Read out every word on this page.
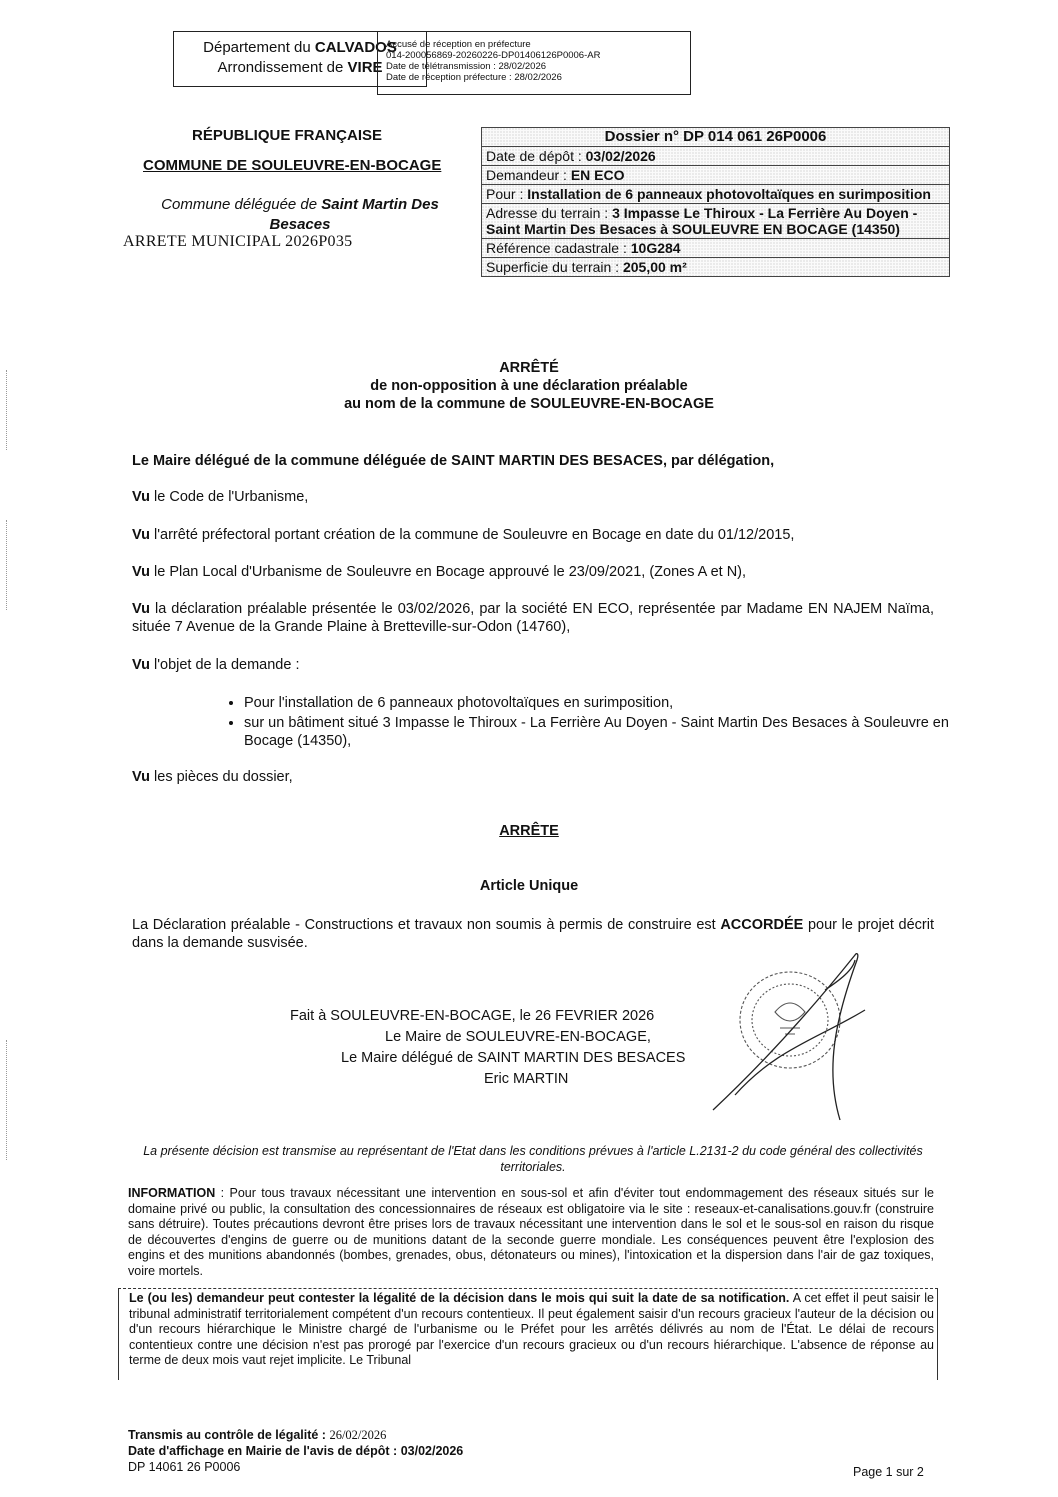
Département du CALVADOS
Arrondissement de VIRE
Accusé de réception en préfecture
014-200056869-20260226-DP01406126P0006-AR
Date de télétransmission : 28/02/2026
Date de réception préfecture : 28/02/2026
RÉPUBLIQUE FRANÇAISE
COMMUNE DE SOULEUVRE-EN-BOCAGE
Commune déléguée de Saint Martin Des Besaces
ARRETE MUNICIPAL 2026P035
Dossier n° DP 014 061 26P0006
Date de dépôt : 03/02/2026
Demandeur : EN ECO
Pour : Installation de 6 panneaux photovoltaïques en surimposition
Adresse du terrain : 3 Impasse Le Thiroux - La Ferrière Au Doyen - Saint Martin Des Besaces à SOULEUVRE EN BOCAGE (14350)
Référence cadastrale : 10G284
Superficie du terrain : 205,00 m²
ARRÊTÉ
de non-opposition à une déclaration préalable
au nom de la commune de SOULEUVRE-EN-BOCAGE
Le Maire délégué de la commune déléguée de SAINT MARTIN DES BESACES, par délégation,
Vu le Code de l'Urbanisme,
Vu l'arrêté préfectoral portant création de la commune de Souleuvre en Bocage en date du 01/12/2015,
Vu le Plan Local d'Urbanisme de Souleuvre en Bocage approuvé le 23/09/2021, (Zones A et N),
Vu la déclaration préalable présentée le 03/02/2026, par la société EN ECO, représentée par Madame EN NAJEM Naïma, située 7 Avenue de la Grande Plaine à Bretteville-sur-Odon (14760),
Vu l'objet de la demande :
• Pour l'installation de 6 panneaux photovoltaïques en surimposition,
• sur un bâtiment situé 3 Impasse le Thiroux - La Ferrière Au Doyen - Saint Martin Des Besaces à Souleuvre en Bocage (14350),
Vu les pièces du dossier,
ARRÊTE
Article Unique
La Déclaration préalable - Constructions et travaux non soumis à permis de construire est ACCORDÉE pour le projet décrit dans la demande susvisée.
Fait à SOULEUVRE-EN-BOCAGE, le 26 FEVRIER 2026
Le Maire de SOULEUVRE-EN-BOCAGE,
Le Maire délégué de SAINT MARTIN DES BESACES
Eric MARTIN
La présente décision est transmise au représentant de l'Etat dans les conditions prévues à l'article L.2131-2 du code général des collectivités territoriales.
INFORMATION : Pour tous travaux nécessitant une intervention en sous-sol et afin d'éviter tout endommagement des réseaux situés sur le domaine privé ou public, la consultation des concessionnaires de réseaux est obligatoire via le site : reseaux-et-canalisations.gouv.fr (construire sans détruire). Toutes précautions devront être prises lors de travaux nécessitant une intervention dans le sol et le sous-sol en raison du risque de découvertes d'engins de guerre ou de munitions datant de la seconde guerre mondiale. Les conséquences peuvent être l'explosion des engins et des munitions abandonnés (bombes, grenades, obus, détonateurs ou mines), l'intoxication et la dispersion dans l'air de gaz toxiques, voire mortels.
Le (ou les) demandeur peut contester la légalité de la décision dans le mois qui suit la date de sa notification. A cet effet il peut saisir le tribunal administratif territorialement compétent d'un recours contentieux. Il peut également saisir d'un recours gracieux l'auteur de la décision ou d'un recours hiérarchique le Ministre chargé de l'urbanisme ou le Préfet pour les arrêtés délivrés au nom de l'État. Le délai de recours contentieux contre une décision n'est pas prorogé par l'exercice d'un recours gracieux ou d'un recours hiérarchique. L'absence de réponse au terme de deux mois vaut rejet implicite. Le Tribunal
Transmis au contrôle de légalité : 26/02/2026
Date d'affichage en Mairie de l'avis de dépôt : 03/02/2026
DP 14061 26 P0006	Page 1 sur 2
